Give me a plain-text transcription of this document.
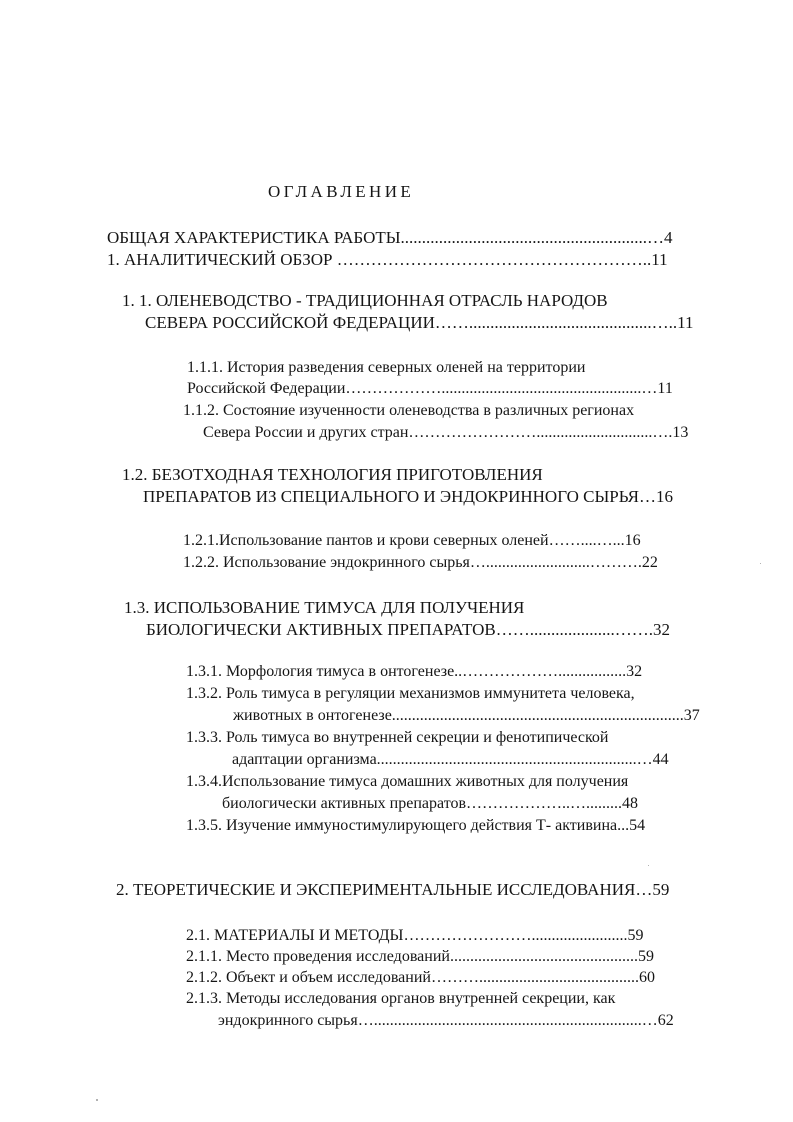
ОГЛАВЛЕНИЕ
ОБЩАЯ ХАРАКТЕРИСТИКА РАБОТЫ..........................................................…4
1. АНАЛИТИЧЕСКИЙ ОБЗОР ………………………………………………..11
1. 1. ОЛЕНЕВОДСТВО - ТРАДИЦИОННАЯ ОТРАСЛЬ НАРОДОВ
СЕВЕРА РОССИЙСКОЙ ФЕДЕРАЦИИ……...........................................…..11
1.1.1. История разведения северных оленей на территории
Российской Федерации………………..................................................…11
1.1.2. Состояние изученности оленеводства в различных регионах
Севера России и других стран…………………….............................….13
1.2. БЕЗОТХОДНАЯ ТЕХНОЛОГИЯ ПРИГОТОВЛЕНИЯ
ПРЕПАРАТОВ ИЗ СПЕЦИАЛЬНОГО И ЭНДОКРИННОГО СЫРЬЯ…16
1.2.1.Использование пантов и крови северных оленей……....…...16
1.2.2. Использование эндокринного сырья…..........................……….22
1.3. ИСПОЛЬЗОВАНИЕ ТИМУСА ДЛЯ ПОЛУЧЕНИЯ
БИОЛОГИЧЕСКИ АКТИВНЫХ ПРЕПАРАТОВ……....................…….32
1.3.1. Морфология тимуса в онтогенезе..……………….................32
1.3.2. Роль тимуса в регуляции механизмов иммунитета человека,
животных в онтогенезе.........................................................................37
1.3.3. Роль тимуса во внутренней секреции и фенотипической
адаптации организма.................................................................…44
1.3.4.Использование тимуса домашних животных для получения
биологически активных препаратов………………..….........48
1.3.5. Изучение иммуностимулирующего действия Т- активина...54
2. ТЕОРЕТИЧЕСКИЕ И ЭКСПЕРИМЕНТАЛЬНЫЕ ИССЛЕДОВАНИЯ…59
2.1. МАТЕРИАЛЫ И МЕТОДЫ……………………........................59
2.1.1. Место проведения исследований...............................................59
2.1.2. Объект и объем исследований………........................................60
2.1.3. Методы исследования органов внутренней секреции, как
эндокринного сырья…...................................................................…62
